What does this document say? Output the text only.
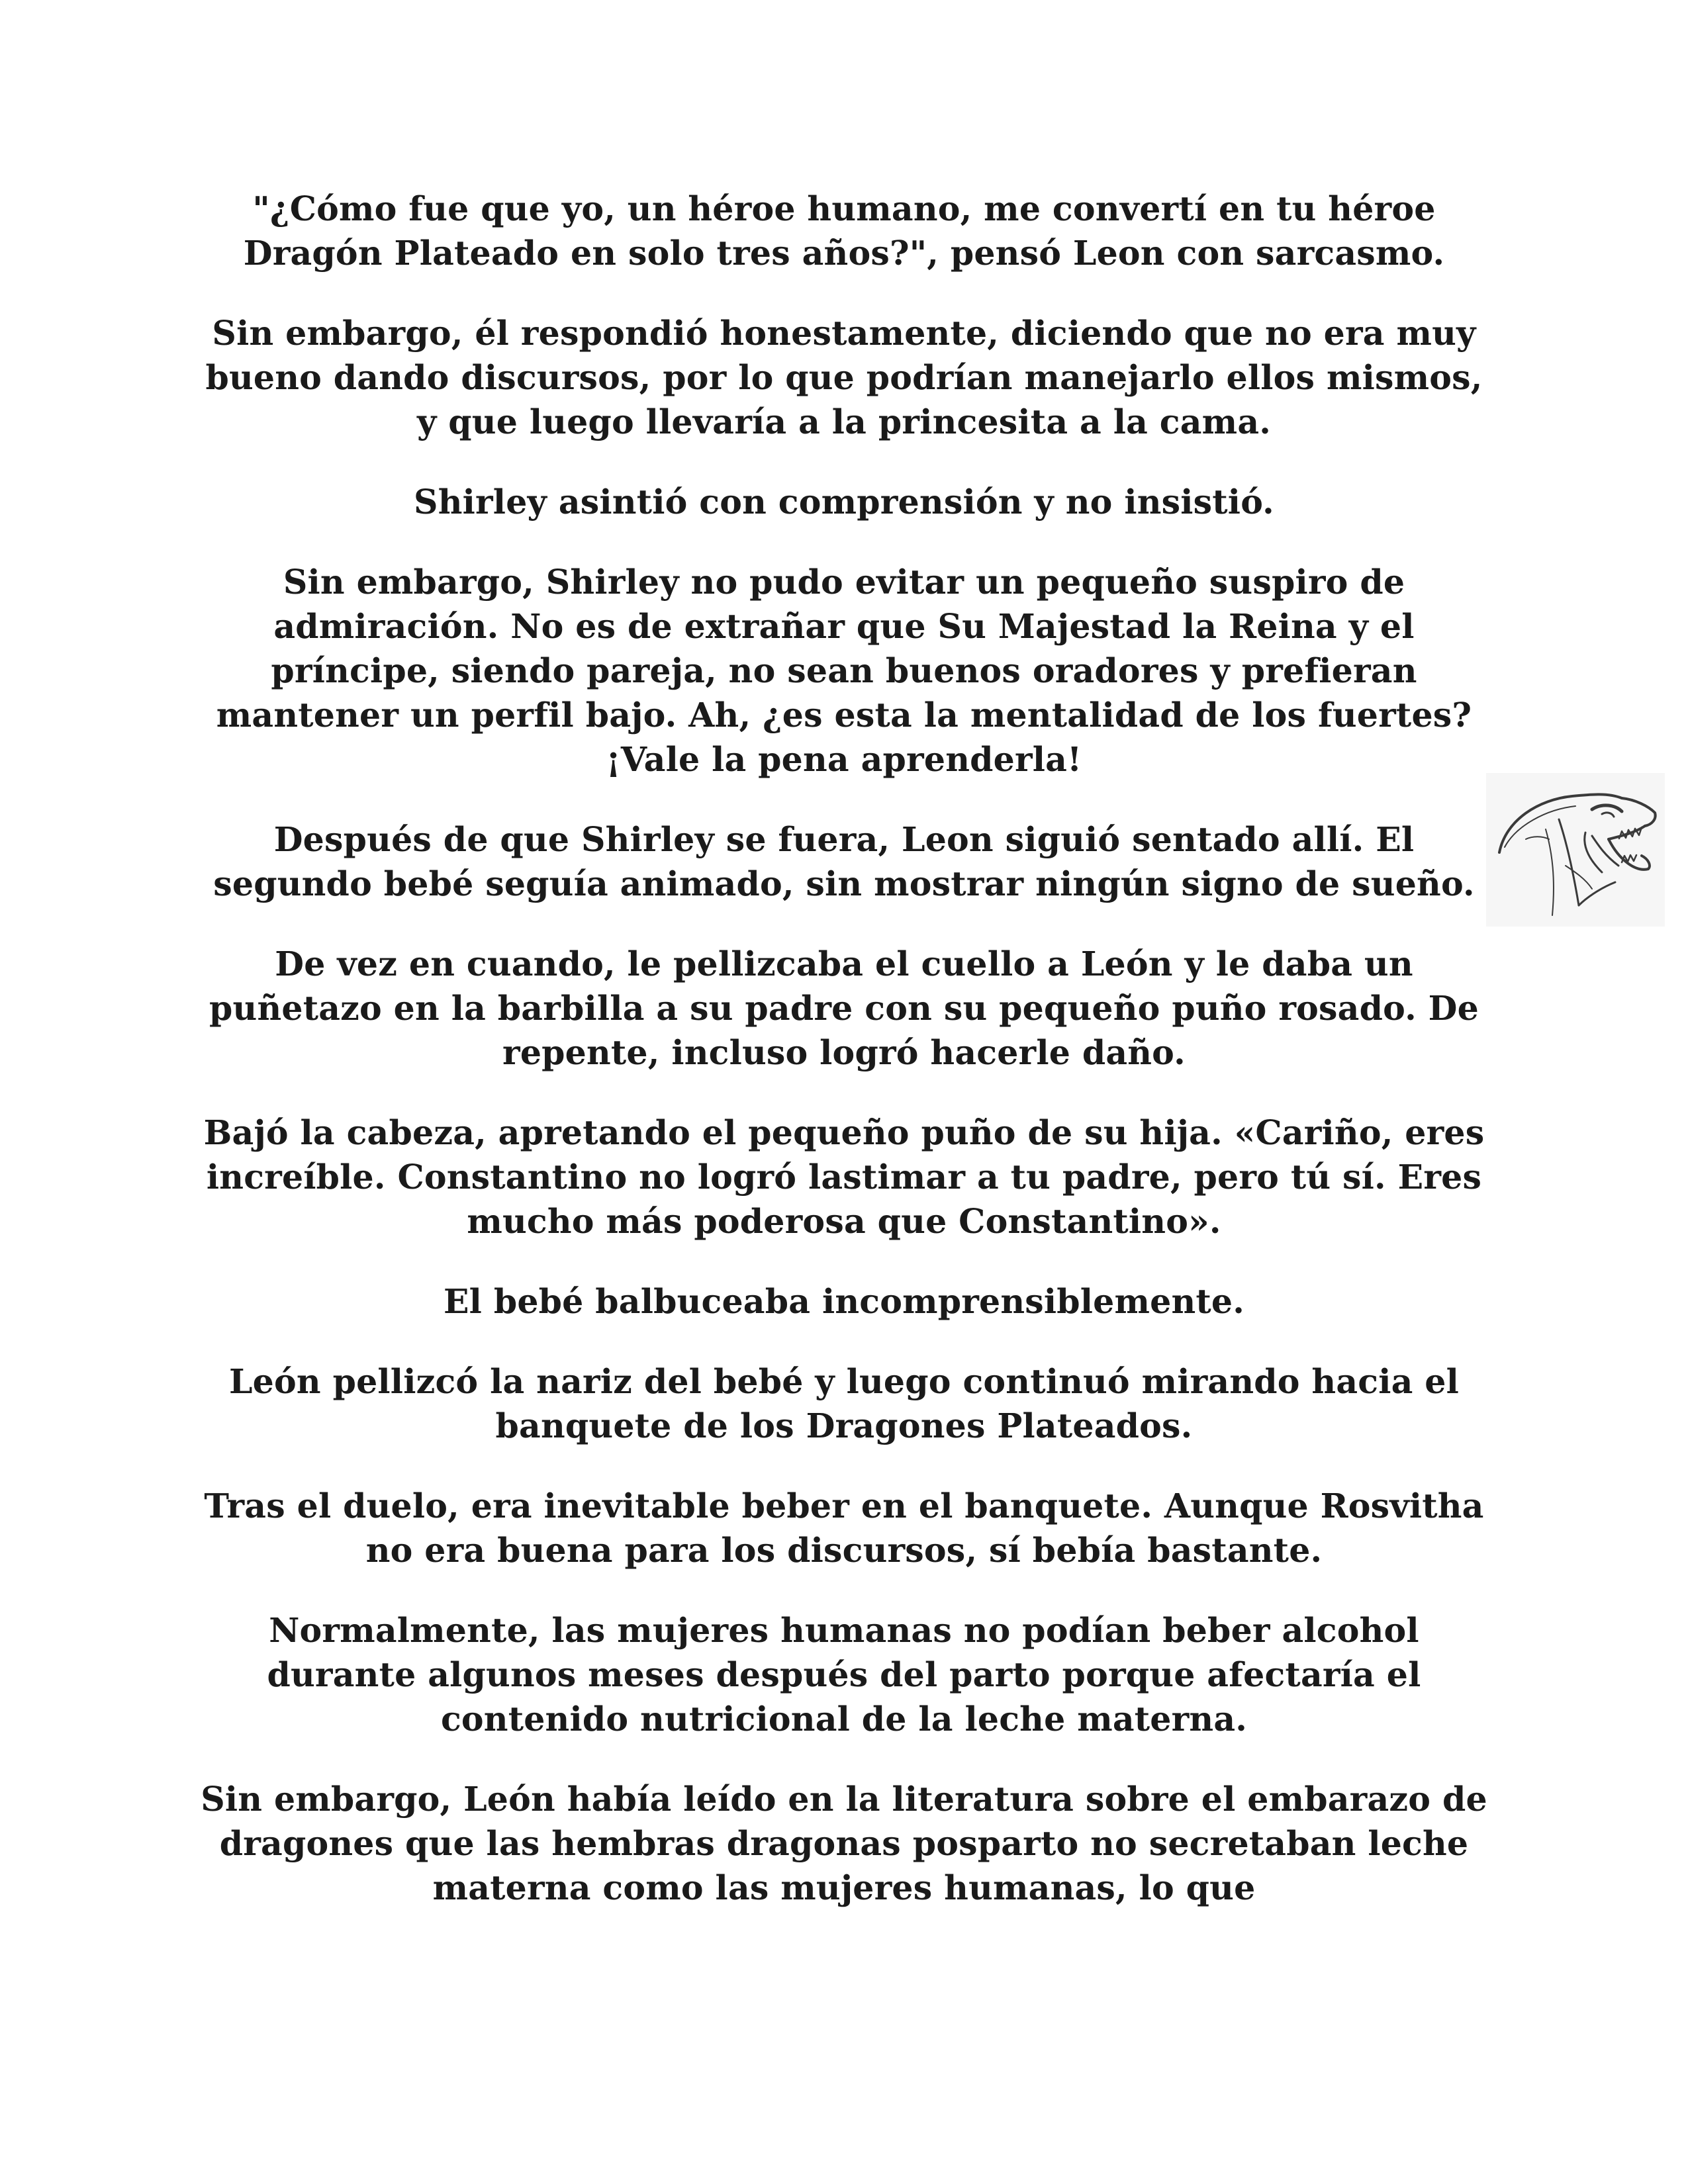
"¿Cómo fue que yo, un héroe humano, me convertí en tu héroe Dragón Plateado en solo tres años?", pensó Leon con sarcasmo.

Sin embargo, él respondió honestamente, diciendo que no era muy bueno dando discursos, por lo que podrían manejarlo ellos mismos, y que luego llevaría a la princesita a la cama.

Shirley asintió con comprensión y no insistió.

Sin embargo, Shirley no pudo evitar un pequeño suspiro de admiración. No es de extrañar que Su Majestad la Reina y el príncipe, siendo pareja, no sean buenos oradores y prefieran mantener un perfil bajo. Ah, ¿es esta la mentalidad de los fuertes? ¡Vale la pena aprenderla!

Después de que Shirley se fuera, Leon siguió sentado allí. El segundo bebé seguía animado, sin mostrar ningún signo de sueño.

De vez en cuando, le pellizcaba el cuello a León y le daba un puñetazo en la barbilla a su padre con su pequeño puño rosado. De repente, incluso logró hacerle daño.

Bajó la cabeza, apretando el pequeño puño de su hija. «Cariño, eres increíble. Constantino no logró lastimar a tu padre, pero tú sí. Eres mucho más poderosa que Constantino».

El bebé balbuceaba incomprensiblemente.

León pellizcó la nariz del bebé y luego continuó mirando hacia el banquete de los Dragones Plateados.

Tras el duelo, era inevitable beber en el banquete. Aunque Rosvitha no era buena para los discursos, sí bebía bastante.

Normalmente, las mujeres humanas no podían beber alcohol durante algunos meses después del parto porque afectaría el contenido nutricional de la leche materna.

Sin embargo, León había leído en la literatura sobre el embarazo de dragones que las hembras dragonas posparto no secretaban leche materna como las mujeres humanas, lo que
